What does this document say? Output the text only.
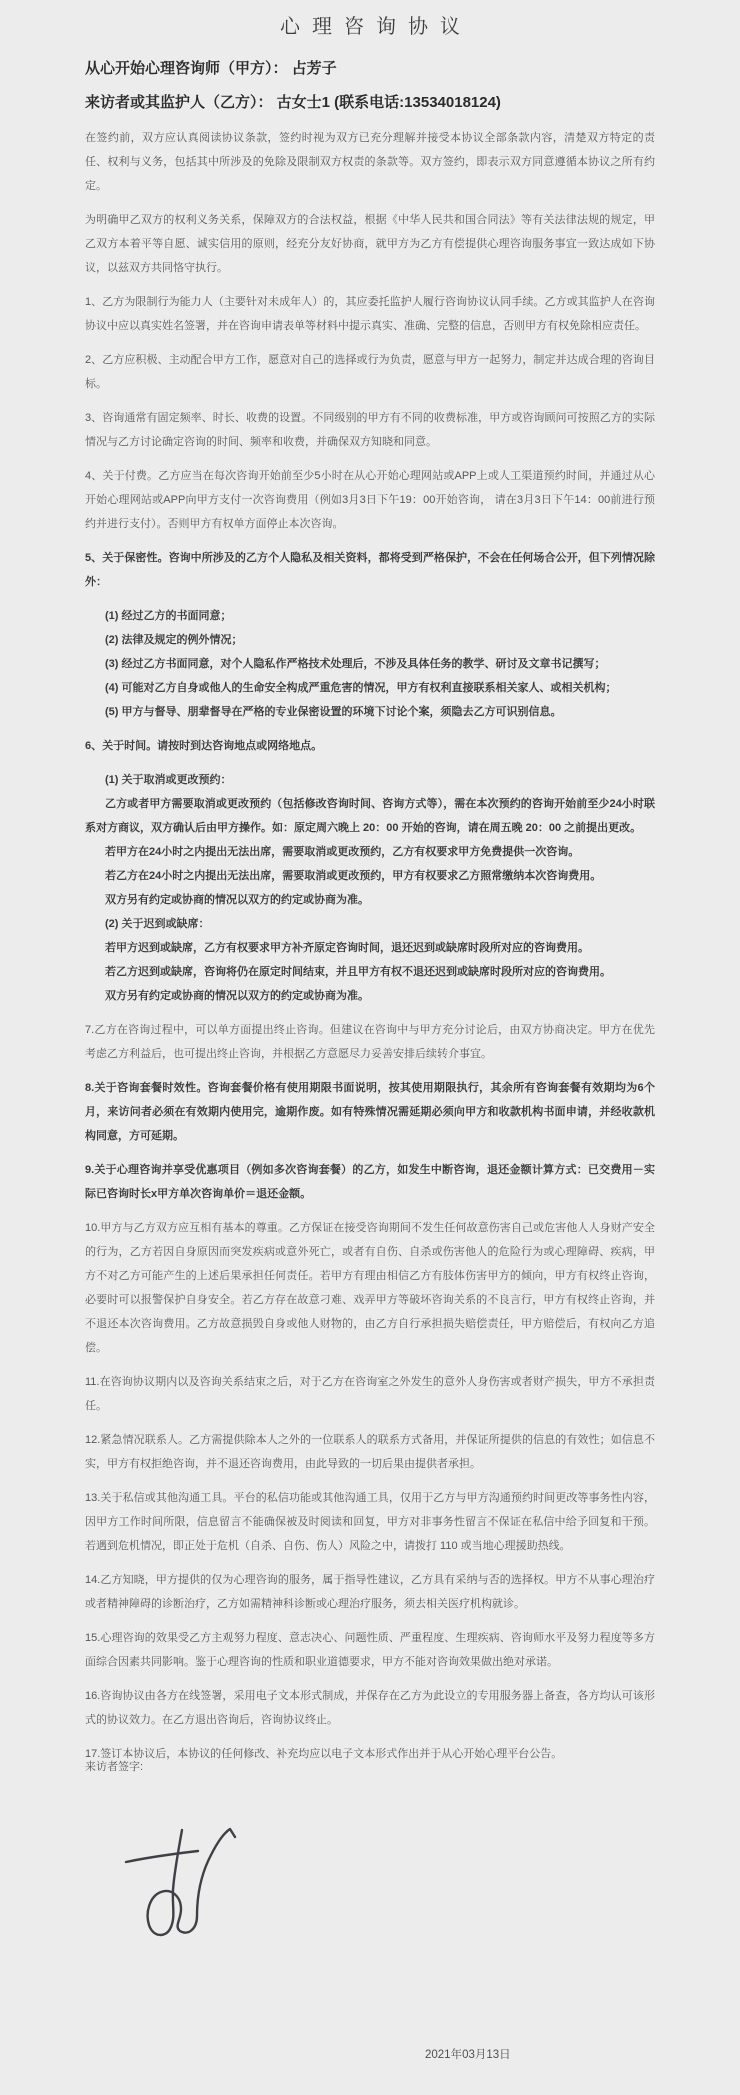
心理咨询协议

从心开始心理咨询师（甲方）： 占芳子

来访者或其监护人（乙方）： 古女士1 (联系电话:13534018124)

在签约前，双方应认真阅读协议条款，签约时视为双方已充分理解并接受本协议全部条款内容，清楚双方特定的责任、权利与义务，包括其中所涉及的免除及限制双方权责的条款等。双方签约，即表示双方同意遵循本协议之所有约定。

为明确甲乙双方的权利义务关系，保障双方的合法权益，根据《中华人民共和国合同法》等有关法律法规的规定，甲乙双方本着平等自愿、诚实信用的原则，经充分友好协商，就甲方为乙方有偿提供心理咨询服务事宜一致达成如下协议，以兹双方共同恪守执行。

1、乙方为限制行为能力人（主要针对未成年人）的，其应委托监护人履行咨询协议认同手续。乙方或其监护人在咨询协议中应以真实姓名签署，并在咨询申请表单等材料中提示真实、准确、完整的信息，否则甲方有权免除相应责任。

2、乙方应积极、主动配合甲方工作，愿意对自己的选择或行为负责，愿意与甲方一起努力，制定并达成合理的咨询目标。

3、咨询通常有固定频率、时长、收费的设置。不同级别的甲方有不同的收费标准，甲方或咨询顾问可按照乙方的实际情况与乙方讨论确定咨询的时间、频率和收费，并确保双方知晓和同意。

4、关于付费。乙方应当在每次咨询开始前至少5小时在从心开始心理网站或APP上或人工渠道预约时间，并通过从心开始心理网站或APP向甲方支付一次咨询费用（例如3月3日下午19：00开始咨询， 请在3月3日下午14：00前进行预约并进行支付）。否则甲方有权单方面停止本次咨询。

5、关于保密性。咨询中所涉及的乙方个人隐私及相关资料，都将受到严格保护，不会在任何场合公开，但下列情况除外：

(1) 经过乙方的书面同意；

(2) 法律及规定的例外情况；

(3) 经过乙方书面同意，对个人隐私作严格技术处理后，不涉及具体任务的教学、研讨及文章书记撰写；

(4) 可能对乙方自身或他人的生命安全构成严重危害的情况，甲方有权利直接联系相关家人、或相关机构；

(5) 甲方与督导、朋辈督导在严格的专业保密设置的环境下讨论个案，须隐去乙方可识别信息。

6、关于时间。请按时到达咨询地点或网络地点。

(1) 关于取消或更改预约：

乙方或者甲方需要取消或更改预约（包括修改咨询时间、咨询方式等），需在本次预约的咨询开始前至少24小时联系对方商议，双方确认后由甲方操作。如：原定周六晚上 20：00 开始的咨询，请在周五晚 20：00 之前提出更改。

若甲方在24小时之内提出无法出席，需要取消或更改预约，乙方有权要求甲方免费提供一次咨询。

若乙方在24小时之内提出无法出席，需要取消或更改预约，甲方有权要求乙方照常缴纳本次咨询费用。

双方另有约定或协商的情况以双方的约定或协商为准。

(2) 关于迟到或缺席：

若甲方迟到或缺席，乙方有权要求甲方补齐原定咨询时间，退还迟到或缺席时段所对应的咨询费用。

若乙方迟到或缺席，咨询将仍在原定时间结束，并且甲方有权不退还迟到或缺席时段所对应的咨询费用。

双方另有约定或协商的情况以双方的约定或协商为准。

7.乙方在咨询过程中，可以单方面提出终止咨询。但建议在咨询中与甲方充分讨论后，由双方协商决定。甲方在优先考虑乙方利益后，也可提出终止咨询，并根据乙方意愿尽力妥善安排后续转介事宜。

8.关于咨询套餐时效性。咨询套餐价格有使用期限书面说明，按其使用期限执行，其余所有咨询套餐有效期均为6个月，来访问者必须在有效期内使用完，逾期作废。如有特殊情况需延期必须向甲方和收款机构书面申请，并经收款机构同意，方可延期。

9.关于心理咨询并享受优惠项目（例如多次咨询套餐）的乙方，如发生中断咨询，退还金额计算方式：已交费用－实际已咨询时长x甲方单次咨询单价＝退还金额。

10.甲方与乙方双方应互相有基本的尊重。乙方保证在接受咨询期间不发生任何故意伤害自己或危害他人人身财产安全的行为，乙方若因自身原因而突发疾病或意外死亡，或者有自伤、自杀或伤害他人的危险行为或心理障碍、疾病，甲方不对乙方可能产生的上述后果承担任何责任。若甲方有理由相信乙方有肢体伤害甲方的倾向，甲方有权终止咨询，必要时可以报警保护自身安全。若乙方存在故意刁难、戏弄甲方等破坏咨询关系的不良言行，甲方有权终止咨询，并不退还本次咨询费用。乙方故意损毁自身或他人财物的，由乙方自行承担损失赔偿责任，甲方赔偿后，有权向乙方追偿。

11.在咨询协议期内以及咨询关系结束之后，对于乙方在咨询室之外发生的意外人身伤害或者财产损失，甲方不承担责任。

12.紧急情况联系人。乙方需提供除本人之外的一位联系人的联系方式备用，并保证所提供的信息的有效性；如信息不实，甲方有权拒绝咨询，并不退还咨询费用，由此导致的一切后果由提供者承担。

13.关于私信或其他沟通工具。平台的私信功能或其他沟通工具，仅用于乙方与甲方沟通预约时间更改等事务性内容，因甲方工作时间所限，信息留言不能确保被及时阅读和回复，甲方对非事务性留言不保证在私信中给予回复和干预。若遇到危机情况，即正处于危机（自杀、自伤、伤人）风险之中，请拨打 110 或当地心理援助热线。

14.乙方知晓，甲方提供的仅为心理咨询的服务，属于指导性建议，乙方具有采纳与否的选择权。甲方不从事心理治疗或者精神障碍的诊断治疗，乙方如需精神科诊断或心理治疗服务，须去相关医疗机构就诊。

15.心理咨询的效果受乙方主观努力程度、意志决心、问题性质、严重程度、生理疾病、咨询师水平及努力程度等多方面综合因素共同影响。鉴于心理咨询的性质和职业道德要求，甲方不能对咨询效果做出绝对承诺。

16.咨询协议由各方在线签署，采用电子文本形式制成，并保存在乙方为此设立的专用服务器上备查，各方均认可该形式的协议效力。在乙方退出咨询后，咨询协议终止。

17.签订本协议后，本协议的任何修改、补充均应以电子文本形式作出并于从心开始心理平台公告。

来访者签字:
2021年03月13日
